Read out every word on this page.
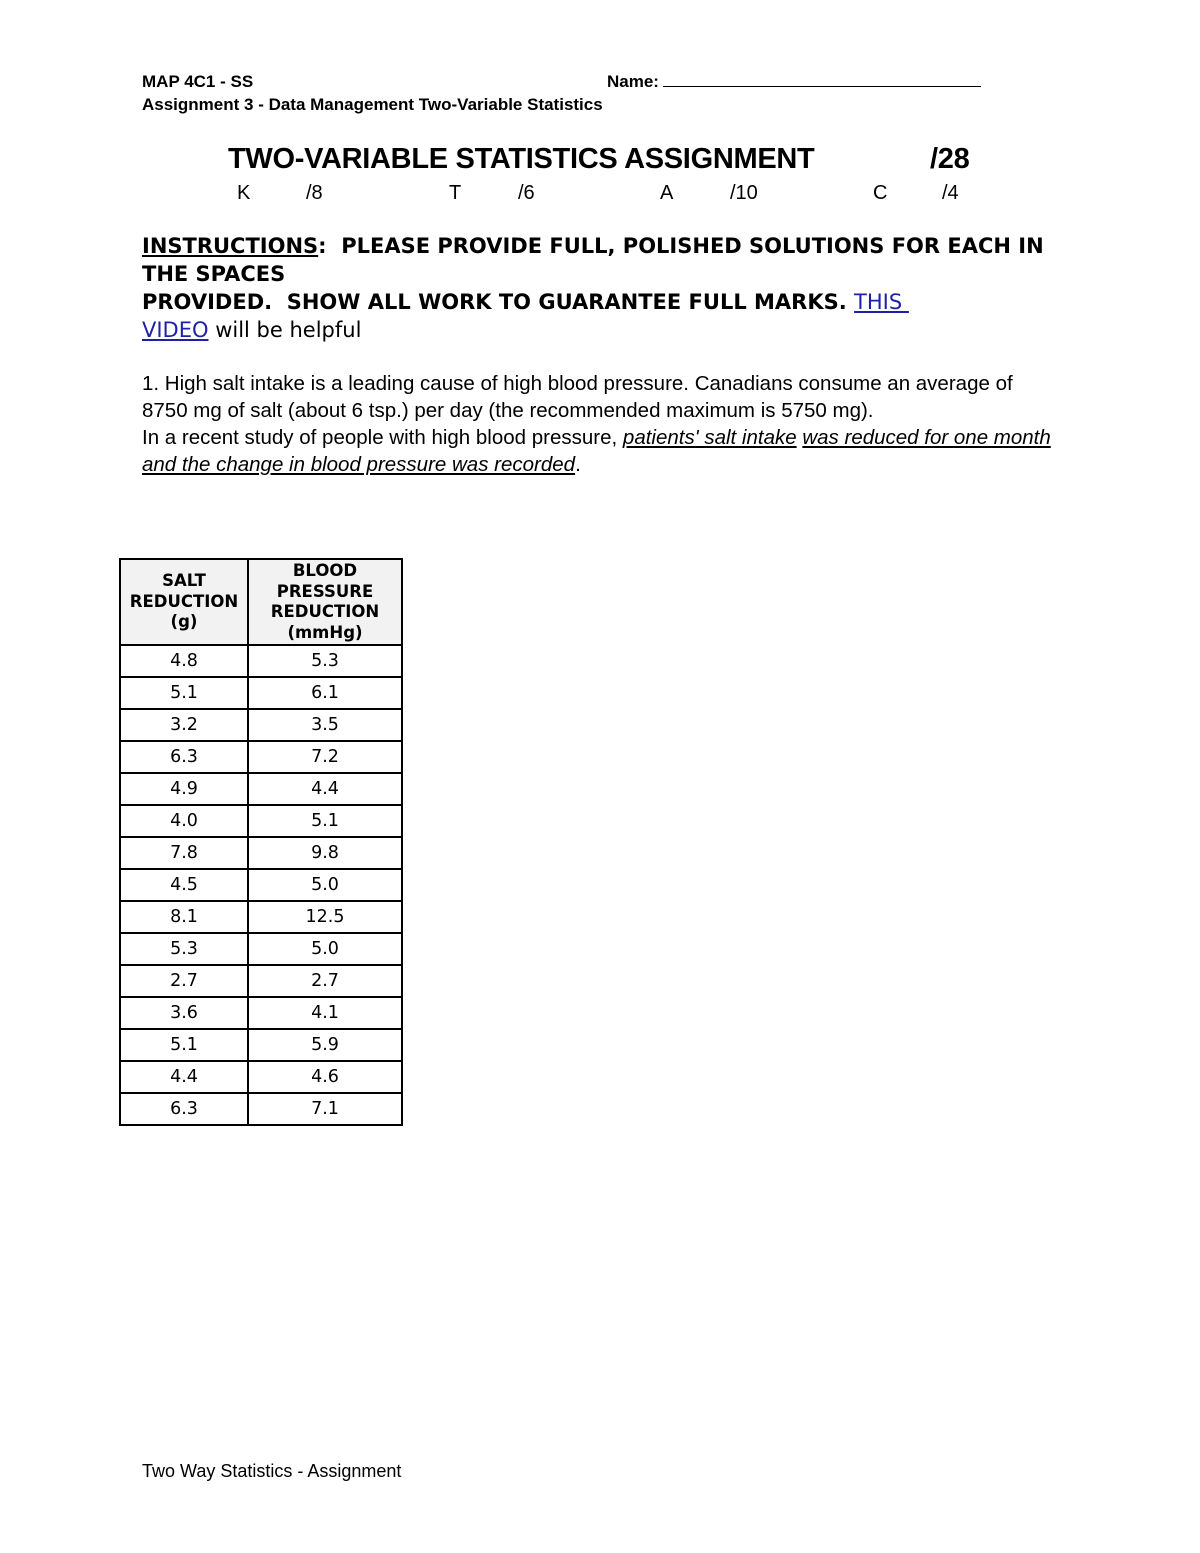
MAP 4C1 - SS	Name:
Assignment 3 - Data Management Two-Variable Statistics
TWO-VARIABLE STATISTICS ASSIGNMENT	/28
K	/8	T	/6	A	/10	C	/4
INSTRUCTIONS:  PLEASE PROVIDE FULL, POLISHED SOLUTIONS FOR EACH IN THE SPACES
PROVIDED.  SHOW ALL WORK TO GUARANTEE FULL MARKS. THIS
VIDEO will be helpful
1. High salt intake is a leading cause of high blood pressure. Canadians consume an average of 8750 mg of salt (about 6 tsp.) per day (the recommended maximum is 5750 mg).
In a recent study of people with high blood pressure, patients' salt intake was reduced for one month and the change in blood pressure was recorded.
SALT
REDUCTION
(g)	BLOOD
PRESSURE
REDUCTION
(mmHg)
4.8	5.3
5.1	6.1
3.2	3.5
6.3	7.2
4.9	4.4
4.0	5.1
7.8	9.8
4.5	5.0
8.1	12.5
5.3	5.0
2.7	2.7
3.6	4.1
5.1	5.9
4.4	4.6
6.3	7.1
Two Way Statistics - Assignment
